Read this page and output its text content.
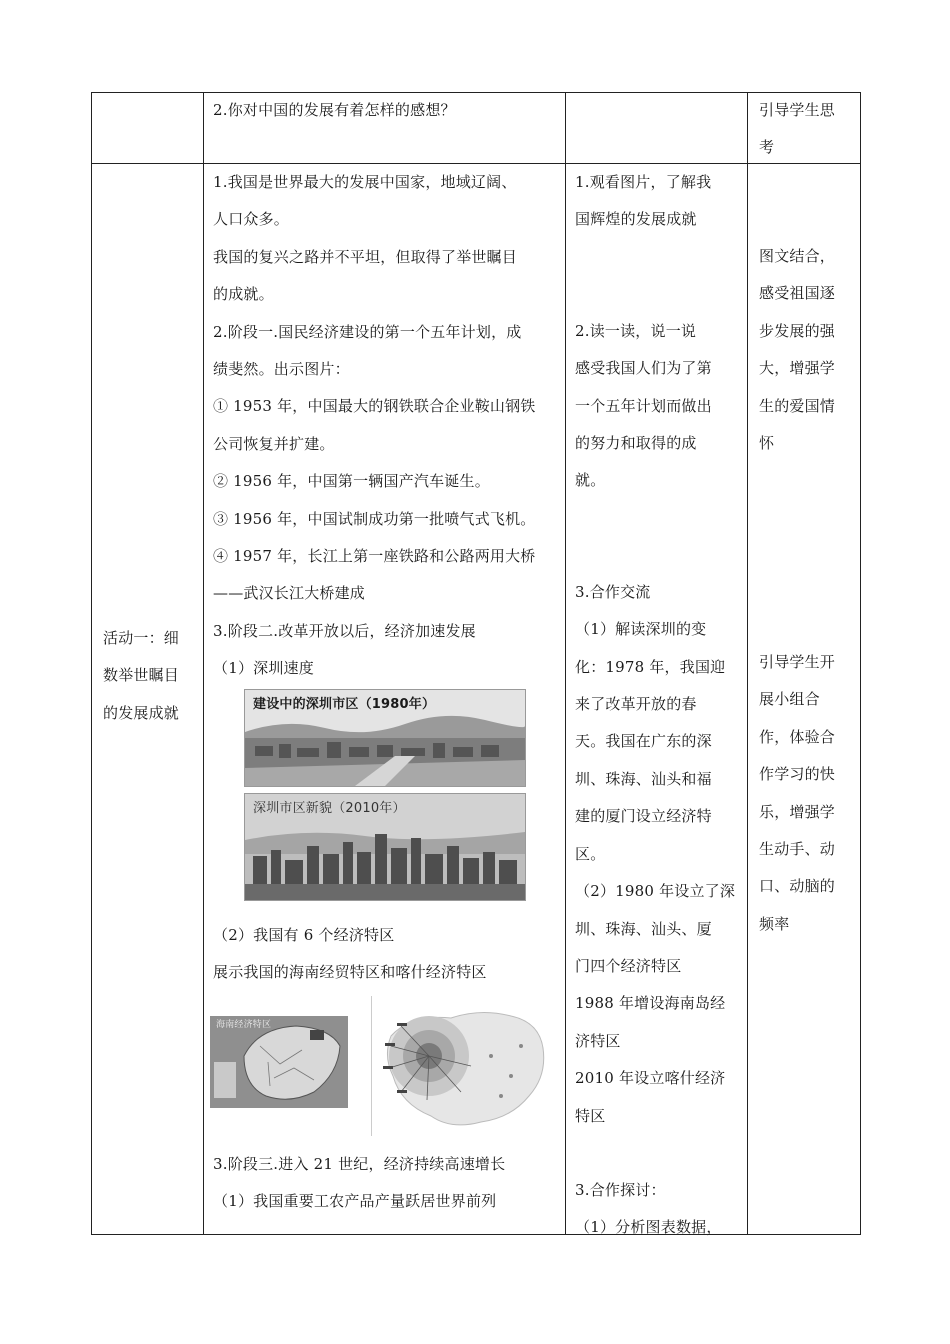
2.你对中国的发展有着怎样的感想？	引导学生思

考

活动一：细

数举世瞩目

的发展成就

1.我国是世界最大的发展中国家，地域辽阔、

人口众多。

我国的复兴之路并不平坦，但取得了举世瞩目

的成就。

2.阶段一.国民经济建设的第一个五年计划，成

绩斐然。出示图片：

① 1953 年，中国最大的钢铁联合企业鞍山钢铁

公司恢复并扩建。

② 1956 年，中国第一辆国产汽车诞生。

③ 1956 年，中国试制成功第一批喷气式飞机。

④ 1957 年，长江上第一座铁路和公路两用大桥

——武汉长江大桥建成

3.阶段二.改革开放以后，经济加速发展

（1）深圳速度

建设中的深圳市区（1980年）
深圳市区新貌（2010年）

（2）我国有 6 个经济特区

展示我国的海南经贸特区和喀什经济特区

海南经济特区

3.阶段三.进入 21 世纪，经济持续高速增长

（1）我国重要工农产品产量跃居世界前列

1.观看图片，了解我

国辉煌的发展成就

2.读一读，说一说

感受我国人们为了第

一个五年计划而做出

的努力和取得的成

就。

3.合作交流

（1）解读深圳的变

化：1978 年，我国迎

来了改革开放的春

天。我国在广东的深

圳、珠海、汕头和福

建的厦门设立经济特

区。

（2）1980 年设立了深

圳、珠海、汕头、厦

门四个经济特区

1988 年增设海南岛经

济特区

2010 年设立喀什经济

特区

3.合作探讨：

（1）分析图表数据，

图文结合，

感受祖国逐

步发展的强

大，增强学

生的爱国情

怀

引导学生开

展小组合

作，体验合

作学习的快

乐，增强学

生动手、动

口、动脑的

频率
